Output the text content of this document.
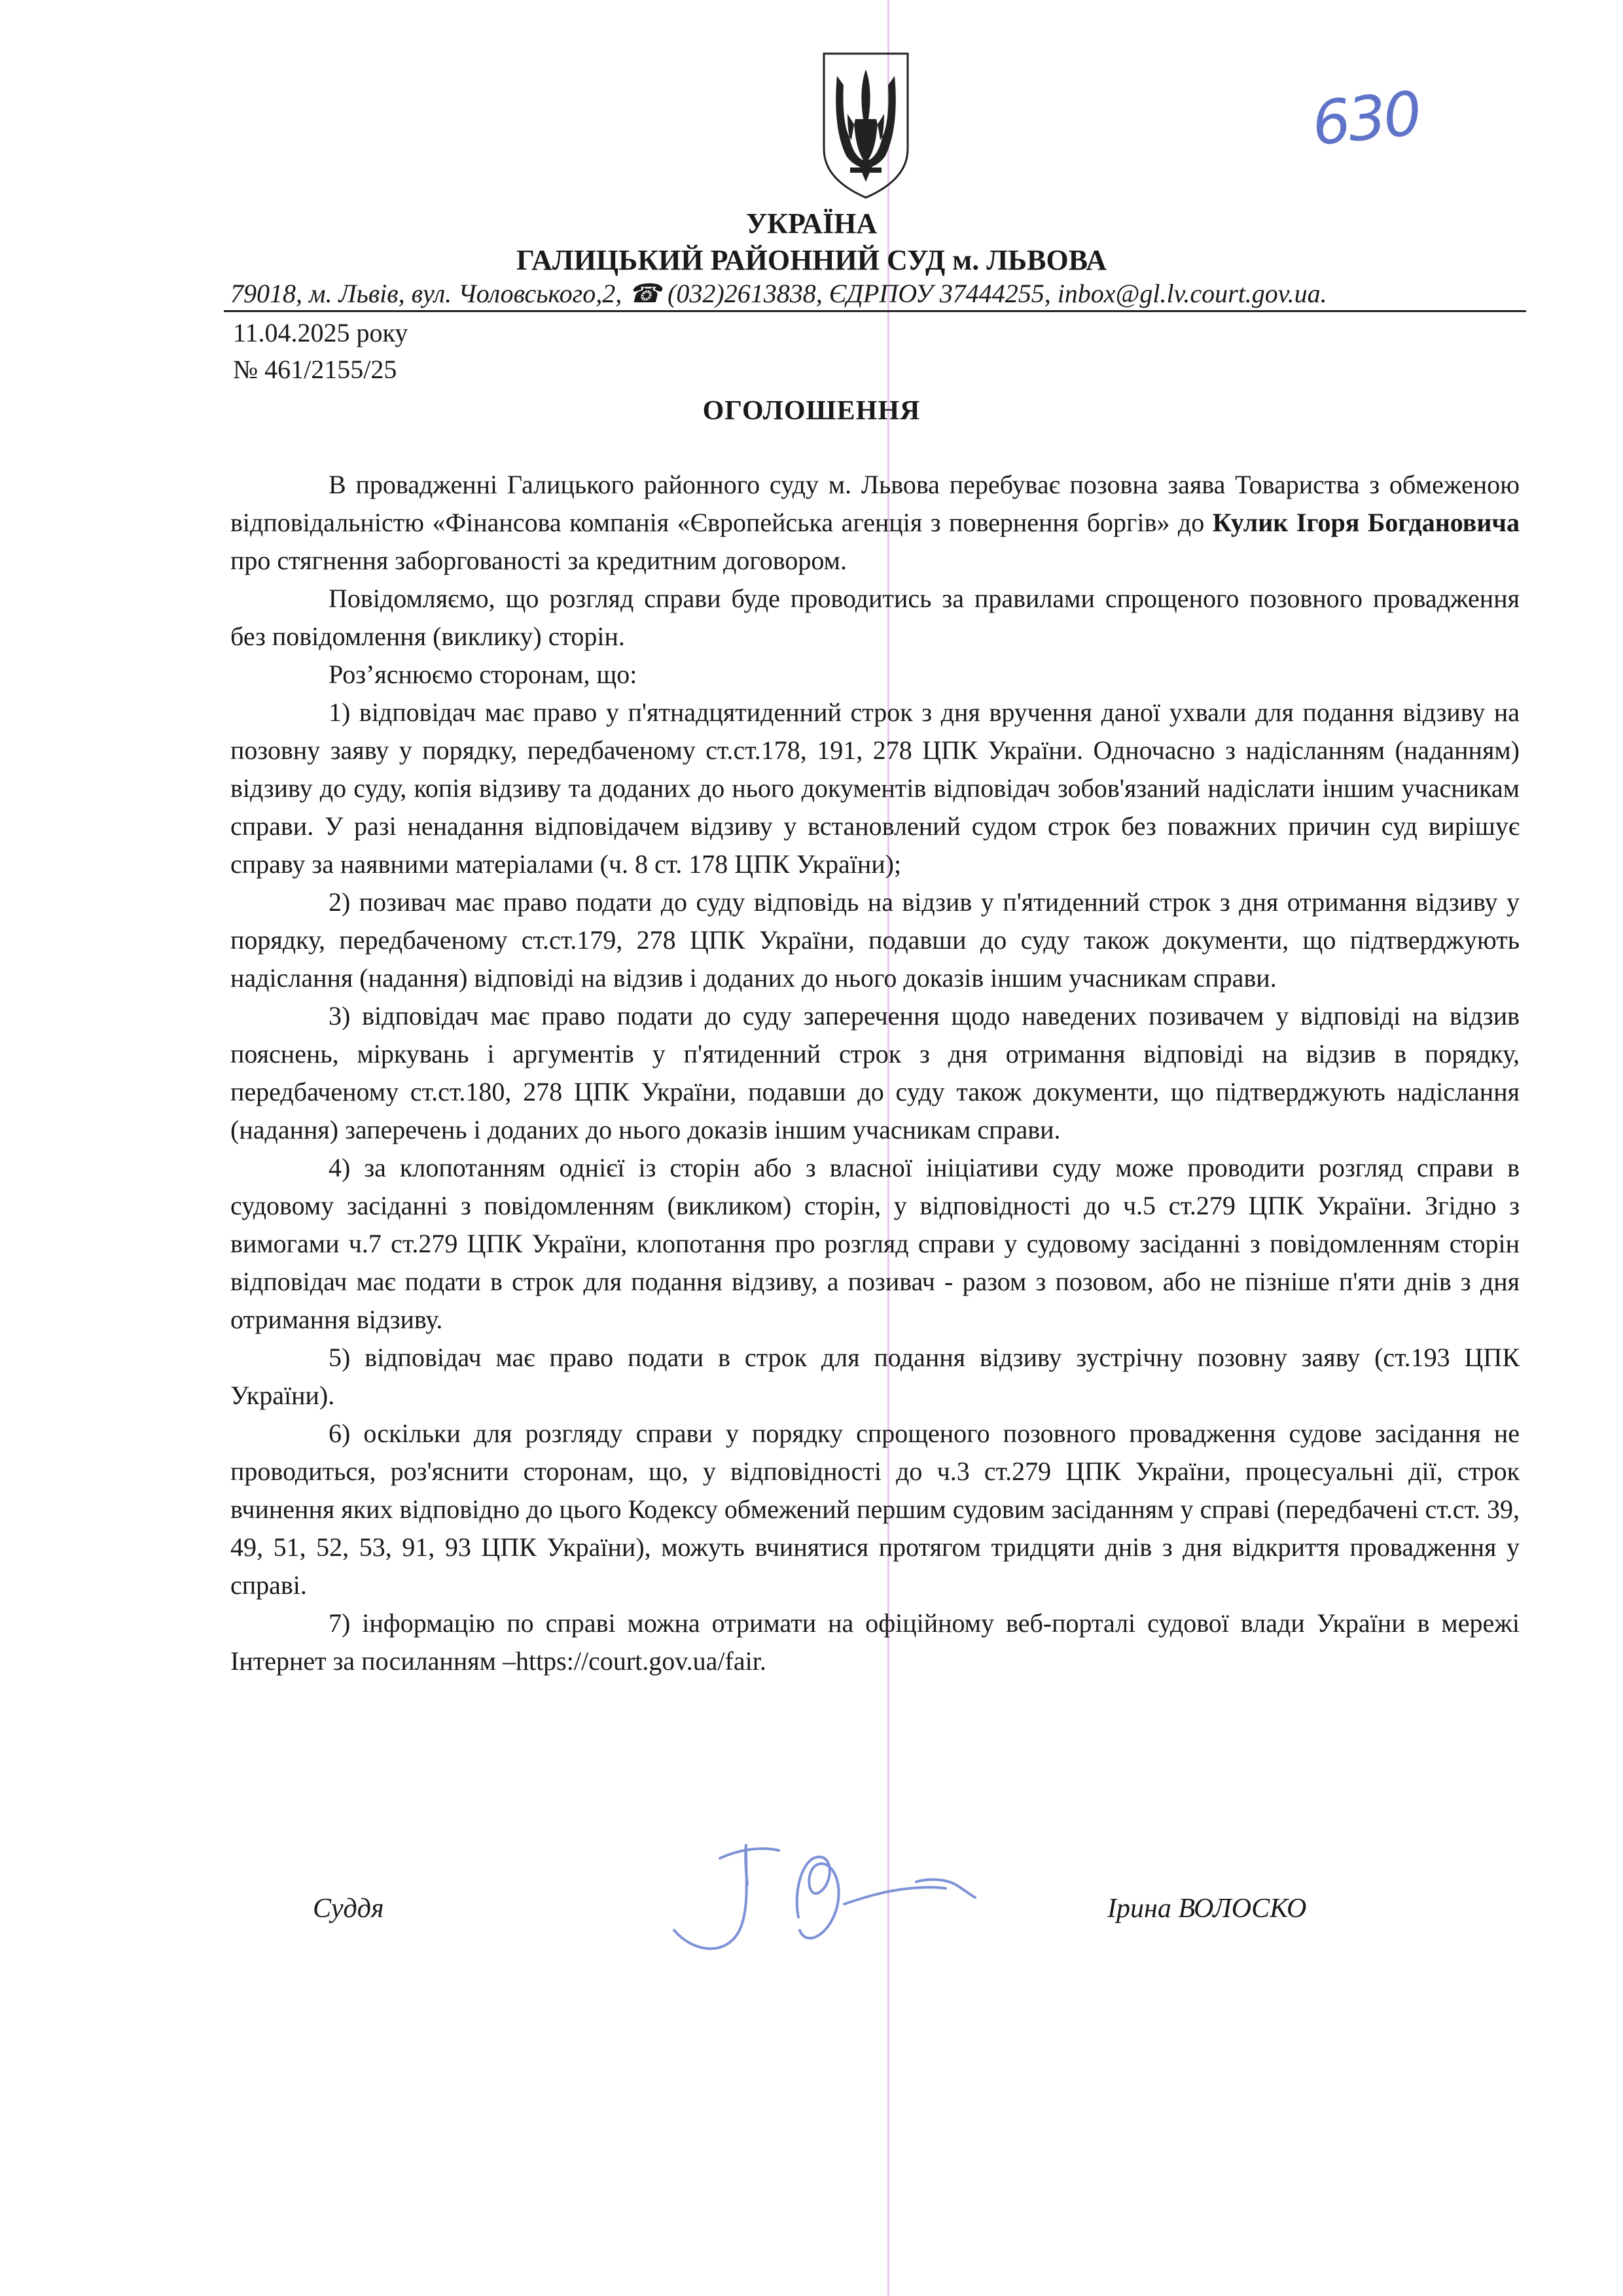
630
УКРАЇНА
ГАЛИЦЬКИЙ РАЙОННИЙ СУД м. ЛЬВОВА
79018, м. Львів, вул. Чоловського,2, ☎ (032)2613838, ЄДРПОУ 37444255, inbox@gl.lv.court.gov.ua.
11.04.2025 року
№ 461/2155/25
ОГОЛОШЕННЯ

В провадженні Галицького районного суду м. Львова перебуває позовна заява Товариства з обмеженою відповідальністю «Фінансова компанія «Європейська агенція з повернення боргів» до Кулик Ігоря Богдановича про стягнення заборгованості за кредитним договором.

Повідомляємо, що розгляд справи буде проводитись за правилами спрощеного позовного провадження без повідомлення (виклику) сторін.

Роз’яснюємо сторонам, що:

1) відповідач має право у п'ятнадцятиденний строк з дня вручення даної ухвали для подання відзиву на позовну заяву у порядку, передбаченому ст.ст.178, 191, 278 ЦПК України. Одночасно з надісланням (наданням) відзиву до суду, копія відзиву та доданих до нього документів відповідач зобов'язаний надіслати іншим учасникам справи. У разі ненадання відповідачем відзиву у встановлений судом строк без поважних причин суд вирішує справу за наявними матеріалами (ч. 8 ст. 178 ЦПК України);

2) позивач має право подати до суду відповідь на відзив у п'ятиденний строк з дня отримання відзиву у порядку, передбаченому ст.ст.179, 278 ЦПК України, подавши до суду також документи, що підтверджують надіслання (надання) відповіді на відзив і доданих до нього доказів іншим учасникам справи.

3) відповідач має право подати до суду заперечення щодо наведених позивачем у відповіді на відзив пояснень, міркувань і аргументів у п'ятиденний строк з дня отримання відповіді на відзив в порядку, передбаченому ст.ст.180, 278 ЦПК України, подавши до суду також документи, що підтверджують надіслання (надання) заперечень і доданих до нього доказів іншим учасникам справи.

4) за клопотанням однієї із сторін або з власної ініціативи суду може проводити розгляд справи в судовому засіданні з повідомленням (викликом) сторін, у відповідності до ч.5 ст.279 ЦПК України. Згідно з вимогами ч.7 ст.279 ЦПК України, клопотання про розгляд справи у судовому засіданні з повідомленням сторін відповідач має подати в строк для подання відзиву, а позивач - разом з позовом, або не пізніше п'яти днів з дня отримання відзиву.

5) відповідач має право подати в строк для подання відзиву зустрічну позовну заяву (ст.193 ЦПК України).

6) оскільки для розгляду справи у порядку спрощеного позовного провадження судове засідання не проводиться, роз'яснити сторонам, що, у відповідності до ч.3 ст.279 ЦПК України, процесуальні дії, строк вчинення яких відповідно до цього Кодексу обмежений першим судовим засіданням у справі (передбачені ст.ст. 39, 49, 51, 52, 53, 91, 93 ЦПК України), можуть вчинятися протягом тридцяти днів з дня відкриття провадження у справі.

7) інформацію по справі можна отримати на офіційному веб-порталі судової влади України в мережі Інтернет за посиланням –https://court.gov.ua/fair.

Суддя	Ірина ВОЛОСКО
